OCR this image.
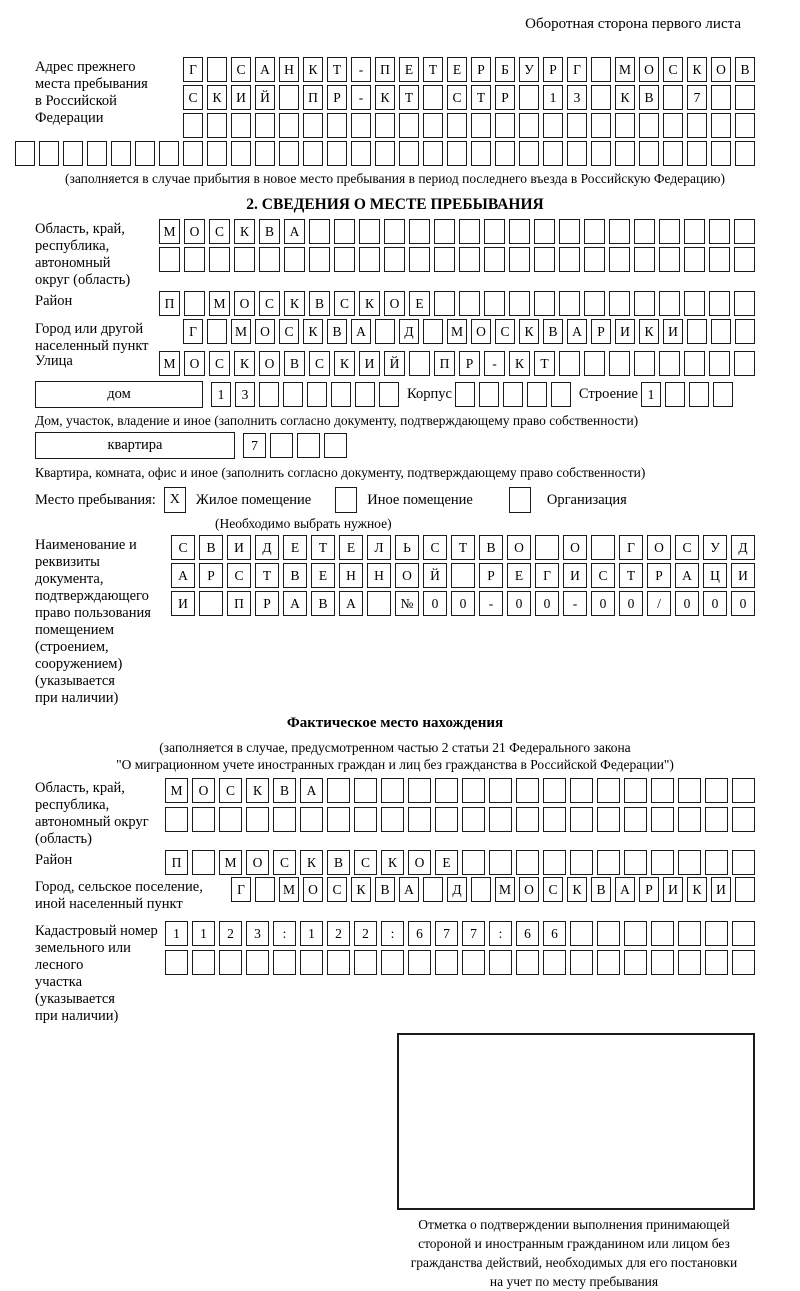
Оборотная сторона первого листа
Адрес прежнего
места пребывания
в Российской
Федерации
Г	С	А	Н	К	Т	-	П	Е	Т	Е	Р	Б	У	Р	Г	М О	С	К	О	В
С	К	И	Й	П	Р	-	К	Т	С	Т	Р	1	3	К	В	7
(заполняется в случае прибытия в новое место пребывания в период последнего въезда в Российскую Федерацию)
2. СВЕДЕНИЯ О МЕСТЕ ПРЕБЫВАНИЯ
Область, край,
республика,
автономный
округ (область)
М	О	С	К	В	А
Район	П	М	О	С	К	В	С	К	О	Е
Город или другой
населенный пункт
Г	М О	С	К	В	А	Д	М О	С	К	В	А	Р	И	К	И
Улица	М	О	С	К	О	В	С	К	И	Й	П	Р	-	К	Т
дом	1	3	Корпус	Строение 1
Дом, участок, владение и иное (заполнить согласно документу, подтверждающему право собственности)
квартира	7
Квартира, комната, офис и иное (заполнить согласно документу, подтверждающему право собственности)
Место пребывания: X	Жилое помещение	Иное помещение	Организация
(Необходимо выбрать нужное)
Наименование и реквизиты
документа, подтверждающего
право пользования
помещением (строением,
сооружением) (указывается
при наличии)
С	В	И	Д	Е	Т	Е	Л	Ь	С	Т	В	О	О	Г	О	С	У	Д
А	Р	С	Т	В	Е	Н	Н	О	Й	Р	Е	Г	И	С	Т	Р	А	Ц	И
И	П	Р	А	В	А	№	0	0	-	0	0	-	0	0	/	0	0	0
Фактическое место нахождения
(заполняется в случае, предусмотренном частью 2 статьи 21 Федерального закона
"О миграционном учете иностранных граждан и лиц без гражданства в Российской Федерации")
Область, край,
республика,
автономный округ
(область)
М	О	С	К	В	А
Район	П	М	О	С	К	В	С	К	О	Е
Город, сельское поселение,
иной населенный пункт
Г	М О	С	К	В	А	Д	М О	С	К	В	А	Р	И	К	И
Кадастровый номер
земельного или лесного
участка (указывается
при наличии)
1	1	2	3	:	1	2	2	:	6	7	7	:	6	6
Отметка о подтверждении выполнения принимающей
стороной и иностранным гражданином или лицом без
гражданства действий, необходимых для его постановки
на учет по месту пребывания
